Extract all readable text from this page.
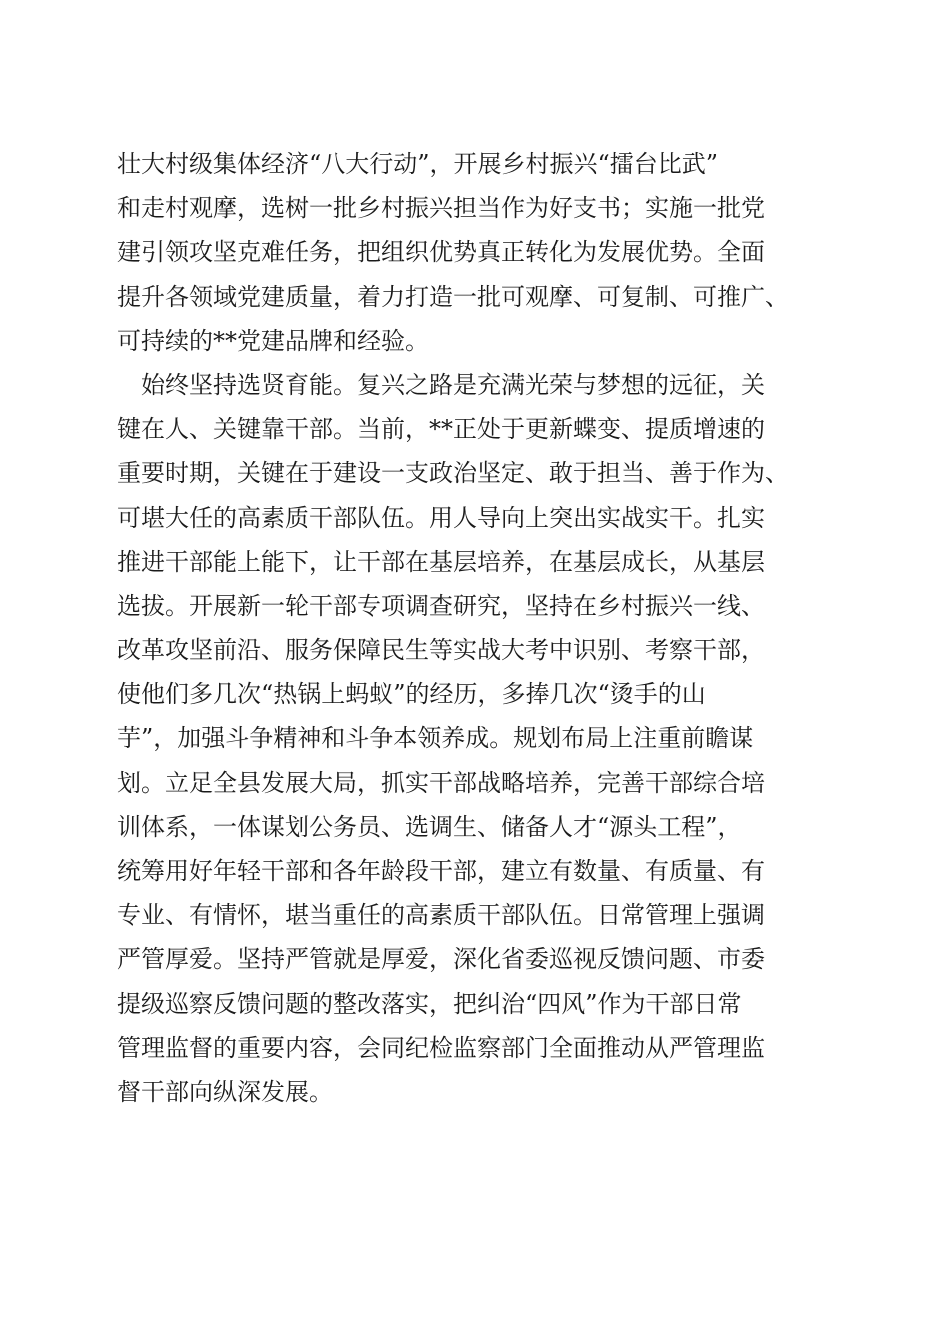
壮大村级集体经济“八大行动”，开展乡村振兴“擂台比武”
和走村观摩，选树一批乡村振兴担当作为好支书；实施一批党
建引领攻坚克难任务，把组织优势真正转化为发展优势。全面
提升各领域党建质量，着力打造一批可观摩、可复制、可推广、
可持续的**党建品牌和经验。
　始终坚持选贤育能。复兴之路是充满光荣与梦想的远征，关
键在人、关键靠干部。当前，**正处于更新蝶变、提质增速的
重要时期，关键在于建设一支政治坚定、敢于担当、善于作为、
可堪大任的高素质干部队伍。用人导向上突出实战实干。扎实
推进干部能上能下，让干部在基层培养，在基层成长，从基层
选拔。开展新一轮干部专项调查研究，坚持在乡村振兴一线、
改革攻坚前沿、服务保障民生等实战大考中识别、考察干部，
使他们多几次“热锅上蚂蚁”的经历，多捧几次“烫手的山
芋”，加强斗争精神和斗争本领养成。规划布局上注重前瞻谋
划。立足全县发展大局，抓实干部战略培养，完善干部综合培
训体系，一体谋划公务员、选调生、储备人才“源头工程”，
统筹用好年轻干部和各年龄段干部，建立有数量、有质量、有
专业、有情怀，堪当重任的高素质干部队伍。日常管理上强调
严管厚爱。坚持严管就是厚爱，深化省委巡视反馈问题、市委
提级巡察反馈问题的整改落实，把纠治“四风”作为干部日常
管理监督的重要内容，会同纪检监察部门全面推动从严管理监
督干部向纵深发展。
